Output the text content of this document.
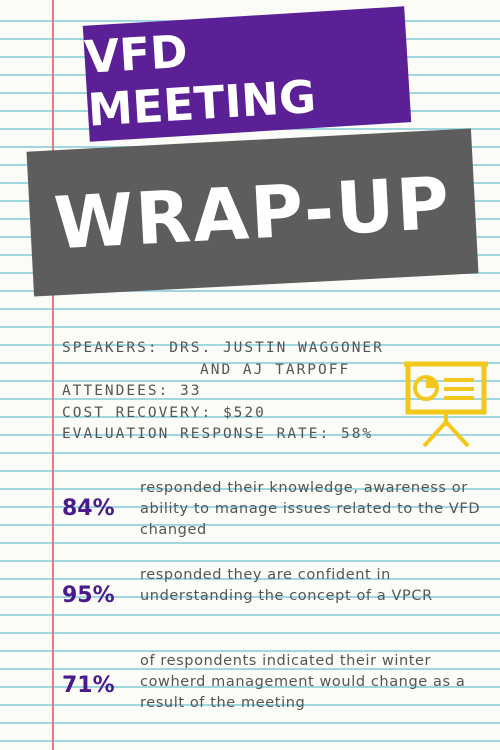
VFD MEETING
WRAP-UP
SPEAKERS: DRS. JUSTIN WAGGONER
AND AJ TARPOFF
ATTENDEES: 33
COST RECOVERY: $520
EVALUATION RESPONSE RATE: 58%
84%
responded their knowledge, awareness or ability to manage issues related to the VFD changed
95%
responded they are confident in understanding the concept of a VPCR
71%
of respondents indicated their winter cowherd management would change as a result of the meeting
